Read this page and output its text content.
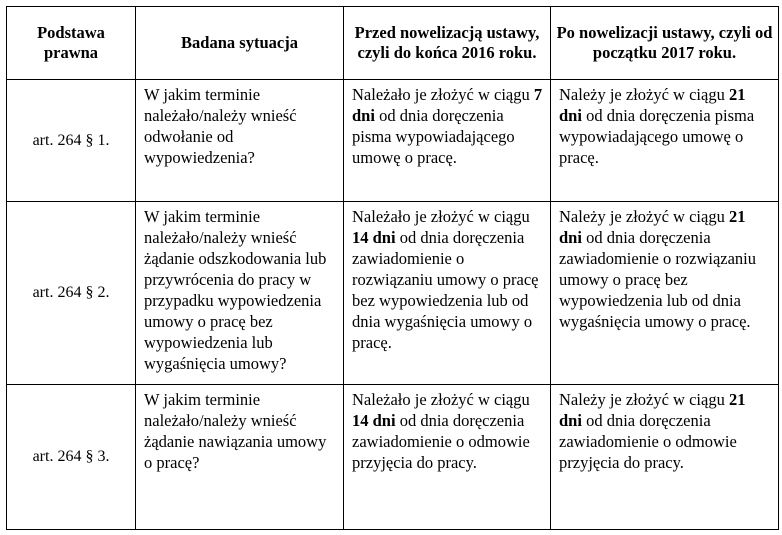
Podstawa prawna	Badana sytuacja	Przed nowelizacją ustawy, czyli do końca 2016 roku.	Po nowelizacji ustawy, czyli od początku 2017 roku.

art. 264 § 1.	W jakim terminie należało/należy wnieść odwołanie od wypowiedzenia?	Należało je złożyć w ciągu 7 dni od dnia doręczenia pisma wypowiadającego umowę o pracę.	Należy je złożyć w ciągu 21 dni od dnia doręczenia pisma wypowiadającego umowę o pracę.
art. 264 § 2.	W jakim terminie należało/należy wnieść żądanie odszkodowania lub przywrócenia do pracy w przypadku wypowiedzenia umowy o pracę bez wypowiedzenia lub wygaśnięcia umowy?	Należało je złożyć w ciągu 14 dni od dnia doręczenia zawiadomienie o rozwiązaniu umowy o pracę bez wypowiedzenia lub od dnia wygaśnięcia umowy o pracę.	Należy je złożyć w ciągu 21 dni od dnia doręczenia zawiadomienie o rozwiązaniu umowy o pracę bez wypowiedzenia lub od dnia wygaśnięcia umowy o pracę.
art. 264 § 3.	W jakim terminie należało/należy wnieść żądanie nawiązania umowy o pracę?	Należało je złożyć w ciągu 14 dni od dnia doręczenia zawiadomienie o odmowie przyjęcia do pracy.	Należy je złożyć w ciągu 21 dni od dnia doręczenia zawiadomienie o odmowie przyjęcia do pracy.
